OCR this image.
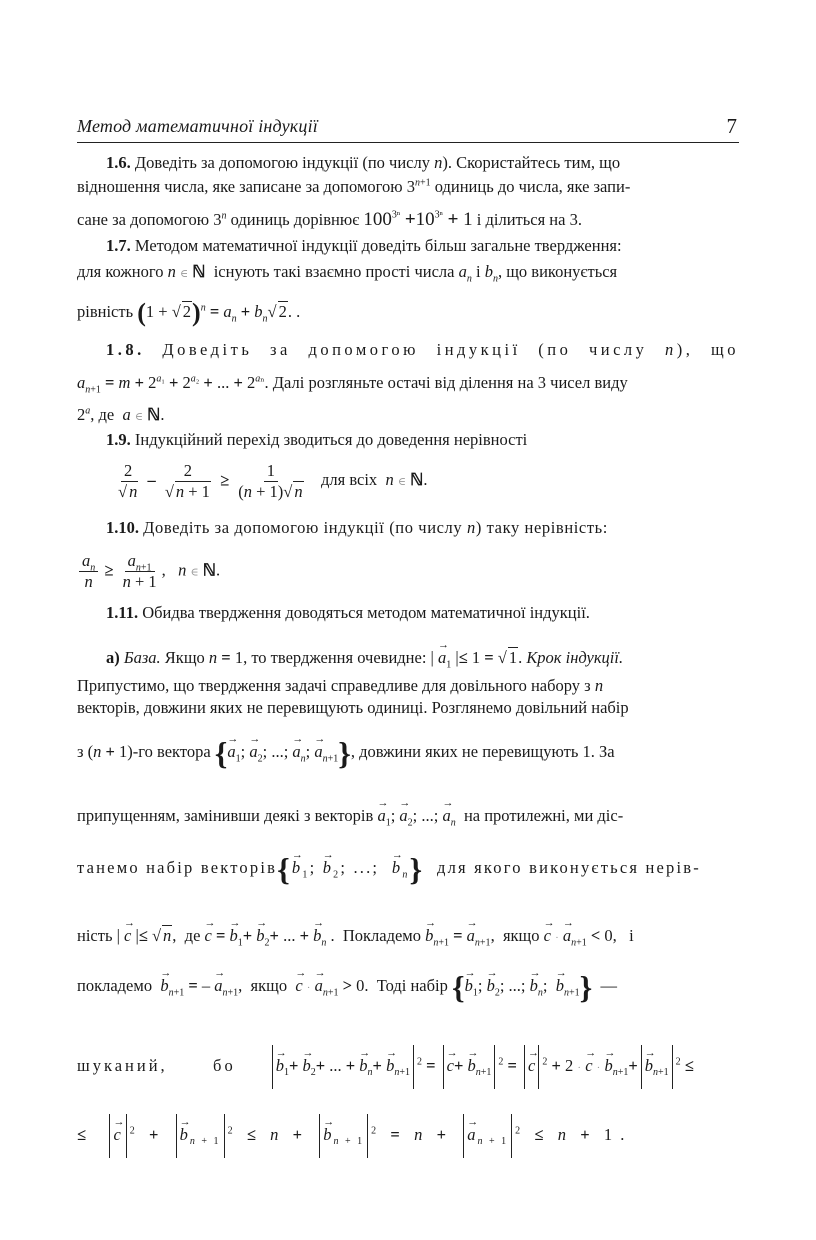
Метод математичної індукції	7
1.6. Доведіть за допомогою індукції (по числу n). Скористайтесь тим, що
відношення числа, яке записане за допомогою $3^{n+1}$ одиниць до числа, яке запи-
сане за допомогою 3$^n$ одиниць дорівнює $100^{3^n} +10^{3^n} + 1$ і ділиться на 3.
1.7. Методом математичної індукції доведіть більш загальне твердження:
для кожного n ∈ ℕ  існують такі взаємно прості числа $a_n$ і $b_n$, що виконується
рівність (1 + √ $2)^n = a_n + b_n√$ 2. .
1.8. Доведіть за допомогою індукції (по числу n), що
$a_{n+1} = m + 2^{a_1} + 2^{a_2}$ + ... + $2^{a_n}$. Далі розгляньте остачі від ділення на 3 чисел виду
2$^a$, де  a ∈ ℕ.
1.9. Індукційний перехід зводиться до доведення нерівності
$\frac{2}{√ n} - \frac{2}{√ n + 1} \ge \frac{1}{(n + 1)√ n}$ для всіх  n ∈ ℕ.
1.10. Доведіть за допомогою індукції (по числу n) таку нерівність:
$\frac{a_n}{n} \ge \frac{a_{n+1}}{n + 1}$ ,   n ∈ ℕ.
1.11. Обидва твердження доводяться методом математичної індукції.
а) База. Якщо n = 1, то твердження очевидне: | → $a_1$ |≤ 1 = √ 1. Крок індукції.
Припустимо, що твердження задачі справедливе для довільного набору з n
векторів, довжини яких не перевищують одиниці. Розглянемо довільний набір
з (n + 1)-го вектора {→ $a_1$; → $a_2$; ...; → $a_n$; → $a_{n+1}$}, довжини яких не перевищують 1. За
припущенням, замінивши деякі з векторів → $a_1$; → $a_2$; ...; → $a_n$  на протилежні, ми діс-
танемо набір векторів{→ $b_1$; → $b_2$; ...;  → $b_n$}  для якого виконується нерів-
ність | → c |≤ √ n,  де → c = → $b_1+ \to b_2+$ ... + → $b_n$ .  Покладемо → $b_{n+1}$ = → $a_{n+1}$,  якщо → c · → $a_{n+1} < 0$,   і
покладемо  → $b_{n+1}$ = – → $a_{n+1}$,  якщо  → c · → $a_{n+1} > 0$.  Тоді набір {→ $b_1$; → $b_2$; ...; → $b_n$;  → $b_{n+1}$}  —
шуканий,	бо → $b_1+ \to b_2+$ ... + → $b_n+ \to b_{n+1}^2$ = → $c+ \to b_{n+1}^2$ = → c $^2$ + 2 · → c · → $b_{n+1}+ \to b_{n+1}^2$ ≤
≤ → c $^2$ + → $b_{n + 1}^2 \le n$ + → $b_{n + 1}^2 = n$ + → $a_{n + 1}^2 \le n + 1$ .
